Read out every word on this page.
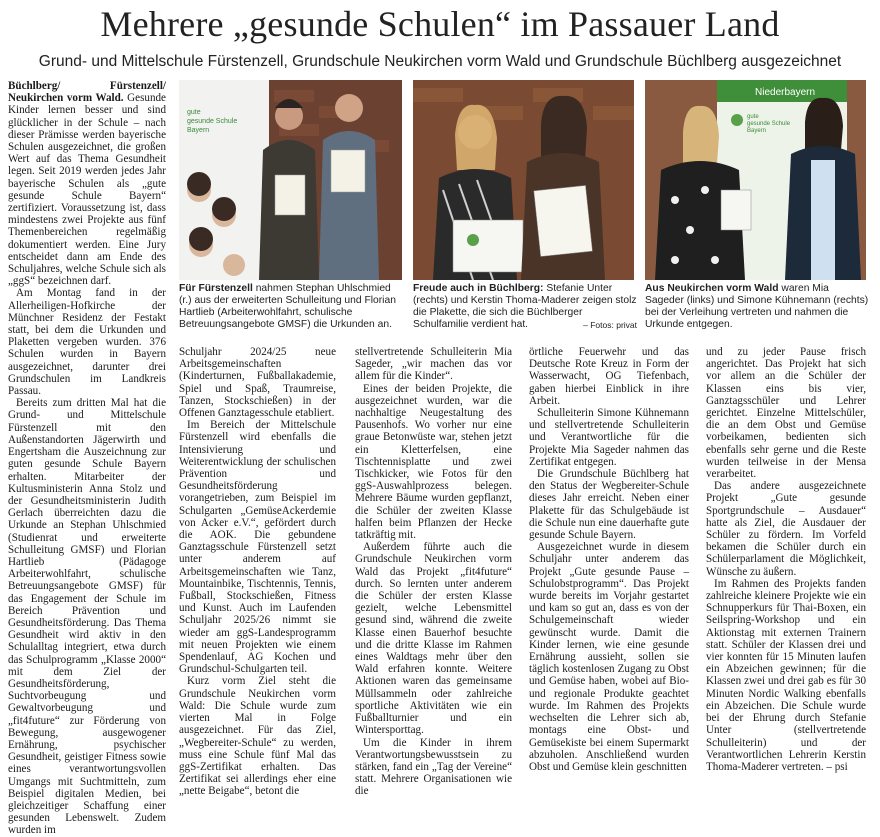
Mehrere „gesunde Schulen“ im Passauer Land
Grund- und Mittelschule Fürstenzell, Grundschule Neukirchen vorm Wald und Grundschule Büchlberg ausgezeichnet

Büchlberg/ Fürstenzell/ Neukirchen vorm Wald. Gesunde Kinder lernen besser und sind glücklicher in der Schule – nach dieser Prämisse werden bayerische Schulen ausgezeichnet, die großen Wert auf das Thema Gesundheit legen. Seit 2019 werden jedes Jahr bayerische Schulen als „gute gesunde Schule Bayern“ zertifiziert. Voraussetzung ist, dass mindestens zwei Projekte aus fünf Themenbereichen regelmäßig dokumentiert werden. Eine Jury entscheidet dann am Ende des Schuljahres, welche Schule sich als „ggS“ bezeichnen darf.

Am Montag fand in der Allerheiligen-Hofkirche der Münchner Residenz der Festakt statt, bei dem die Urkunden und Plaketten vergeben wurden. 376 Schulen wurden in Bayern ausgezeichnet, darunter drei Grundschulen im Landkreis Passau.

Bereits zum dritten Mal hat die Grund- und Mittelschule Fürstenzell mit den Außenstandorten Jägerwirth und Engertsham die Auszeichnung zur guten gesunde Schule Bayern erhalten. Mitarbeiter der Kultusministerin Anna Stolz und der Gesundheitsministerin Judith Gerlach überreichten dazu die Urkunde an Stephan Uhlschmied (Studienrat und erweiterte Schulleitung GMSF) und Florian Hartlieb (Pädagoge Arbeiterwohlfahrt, schulische Betreuungsangebote GMSF) für das Engagement der Schule im Bereich Prävention und Gesundheitsförderung. Das Thema Gesundheit wird aktiv in den Schulalltag integriert, etwa durch das Schulprogramm „Klasse 2000“ mit dem Ziel der Gesundheitsförderung, Suchtvorbeugung und Gewaltvorbeugung und „fit4future“ zur Förderung von Bewegung, ausgewogener Ernährung, psychischer Gesundheit, geistiger Fitness sowie eines verantwortungsvollen Umgangs mit Suchtmitteln, zum Beispiel digitalen Medien, bei gleichzeitiger Schaffung einer gesunden Lebenswelt. Zudem wurden im

gute
gesunde Schule
Bayern
Für Fürstenzell nahmen Stephan Uhlschmied (r.) aus der erweiterten Schulleitung und Florian Hartlieb (Arbeiterwohlfahrt, schulische Betreuungsangebote GMSF) die Urkunden an.
Freude auch in Büchlberg: Stefanie Unter (rechts) und Kerstin Thoma-Maderer zeigen stolz die Plakette, die sich die Büchlberger Schulfamilie verdient hat.	– Fotos: privat
Niederbayern
gute
gesunde Schule
Bayern
Aus Neukirchen vorm Wald waren Mia Sageder (links) und Simone Kühnemann (rechts) bei der Verleihung vertreten und nahmen die Urkunde entgegen.

Schuljahr 2024/25 neue Arbeitsgemeinschaften (Kinderturnen, Fußballakademie, Spiel und Spaß, Traumreise, Tanzen, Stockschießen) in der Offenen Ganztagesschule etabliert.

Im Bereich der Mittelschule Fürstenzell wird ebenfalls die Intensivierung und Weiterentwicklung der schulischen Prävention und Gesundheitsförderung vorangetrieben, zum Beispiel im Schulgarten „GemüseAckerdemie von Acker e.V.“, gefördert durch die AOK. Die gebundene Ganztagsschule Fürstenzell setzt unter anderem auf Arbeitsgemeinschaften wie Tanz, Mountainbike, Tischtennis, Tennis, Fußball, Stockschießen, Fitness und Kunst. Auch im Laufenden Schuljahr 2025/26 nimmt sie wieder am ggS-Landesprogramm mit neuen Projekten wie einem Spendenlauf, AG Kochen und Grundschul-Schulgarten teil.

Kurz vorm Ziel steht die Grundschule Neukirchen vorm Wald: Die Schule wurde zum vierten Mal in Folge ausgezeichnet. Für das Ziel, „Wegbereiter-Schule“ zu werden, muss eine Schule fünf Mal das ggS-Zertifikat erhalten. Das Zertifikat sei allerdings eher eine „nette Beigabe“, betont die

stellvertretende Schulleiterin Mia Sageder, „wir machen das vor allem für die Kinder“.

Eines der beiden Projekte, die ausgezeichnet wurden, war die nachhaltige Neugestaltung des Pausenhofs. Wo vorher nur eine graue Betonwüste war, stehen jetzt ein Kletterfelsen, eine Tischtennisplatte und zwei Tischkicker, wie Fotos für den ggS-Auswahlprozess belegen. Mehrere Bäume wurden gepflanzt, die Schüler der zweiten Klasse halfen beim Pflanzen der Hecke tatkräftig mit.

Außerdem führte auch die Grundschule Neukirchen vorm Wald das Projekt „fit4future“ durch. So lernten unter anderem die Schüler der ersten Klasse gezielt, welche Lebensmittel gesund sind, während die zweite Klasse einen Bauerhof besuchte und die dritte Klasse im Rahmen eines Waldtags mehr über den Wald erfahren konnte. Weitere Aktionen waren das gemeinsame Müllsammeln oder zahlreiche sportliche Aktivitäten wie ein Fußballturnier und ein Wintersporttag.

Um die Kinder in ihrem Verantwortungsbewusstsein zu stärken, fand ein „Tag der Vereine“ statt. Mehrere Organisationen wie die

örtliche Feuerwehr und das Deutsche Rote Kreuz in Form der Wasserwacht, OG Tiefenbach, gaben hierbei Einblick in ihre Arbeit.

Schulleiterin Simone Kühnemann und stellvertretende Schulleiterin und Verantwortliche für die Projekte Mia Sageder nahmen das Zertifikat entgegen.

Die Grundschule Büchlberg hat den Status der Wegbereiter-Schule dieses Jahr erreicht. Neben einer Plakette für das Schulgebäude ist die Schule nun eine dauerhafte gute gesunde Schule Bayern.

Ausgezeichnet wurde in diesem Schuljahr unter anderem das Projekt „Gute gesunde Pause – Schulobstprogramm“. Das Projekt wurde bereits im Vorjahr gestartet und kam so gut an, dass es von der Schulgemeinschaft wieder gewünscht wurde. Damit die Kinder lernen, wie eine gesunde Ernährung aussieht, sollen sie täglich kostenlosen Zugang zu Obst und Gemüse haben, wobei auf Bio- und regionale Produkte geachtet wurde. Im Rahmen des Projekts wechselten die Lehrer sich ab, montags eine Obst- und Gemüsekiste bei einem Supermarkt abzuholen. Anschließend wurden Obst und Gemüse klein geschnitten

und zu jeder Pause frisch angerichtet. Das Projekt hat sich vor allem an die Schüler der Klassen eins bis vier, Ganztagsschüler und Lehrer gerichtet. Einzelne Mittelschüler, die an dem Obst und Gemüse vorbeikamen, bedienten sich ebenfalls sehr gerne und die Reste wurden teilweise in der Mensa verarbeitet.

Das andere ausgezeichnete Projekt „Gute gesunde Sportgrundschule – Ausdauer“ hatte als Ziel, die Ausdauer der Schüler zu fördern. Im Vorfeld bekamen die Schüler durch ein Schülerparlament die Möglichkeit, Wünsche zu äußern.

Im Rahmen des Projekts fanden zahlreiche kleinere Projekte wie ein Schnupperkurs für Thai-Boxen, ein Seilspring-Workshop und ein Aktionstag mit externen Trainern statt. Schüler der Klassen drei und vier konnten für 15 Minuten laufen ein Abzeichen gewinnen; für die Klassen zwei und drei gab es für 30 Minuten Nordic Walking ebenfalls ein Abzeichen. Die Schule wurde bei der Ehrung durch Stefanie Unter (stellvertretende Schulleiterin) und der Verantwortlichen Lehrerin Kerstin Thoma-Maderer vertreten. – psi
